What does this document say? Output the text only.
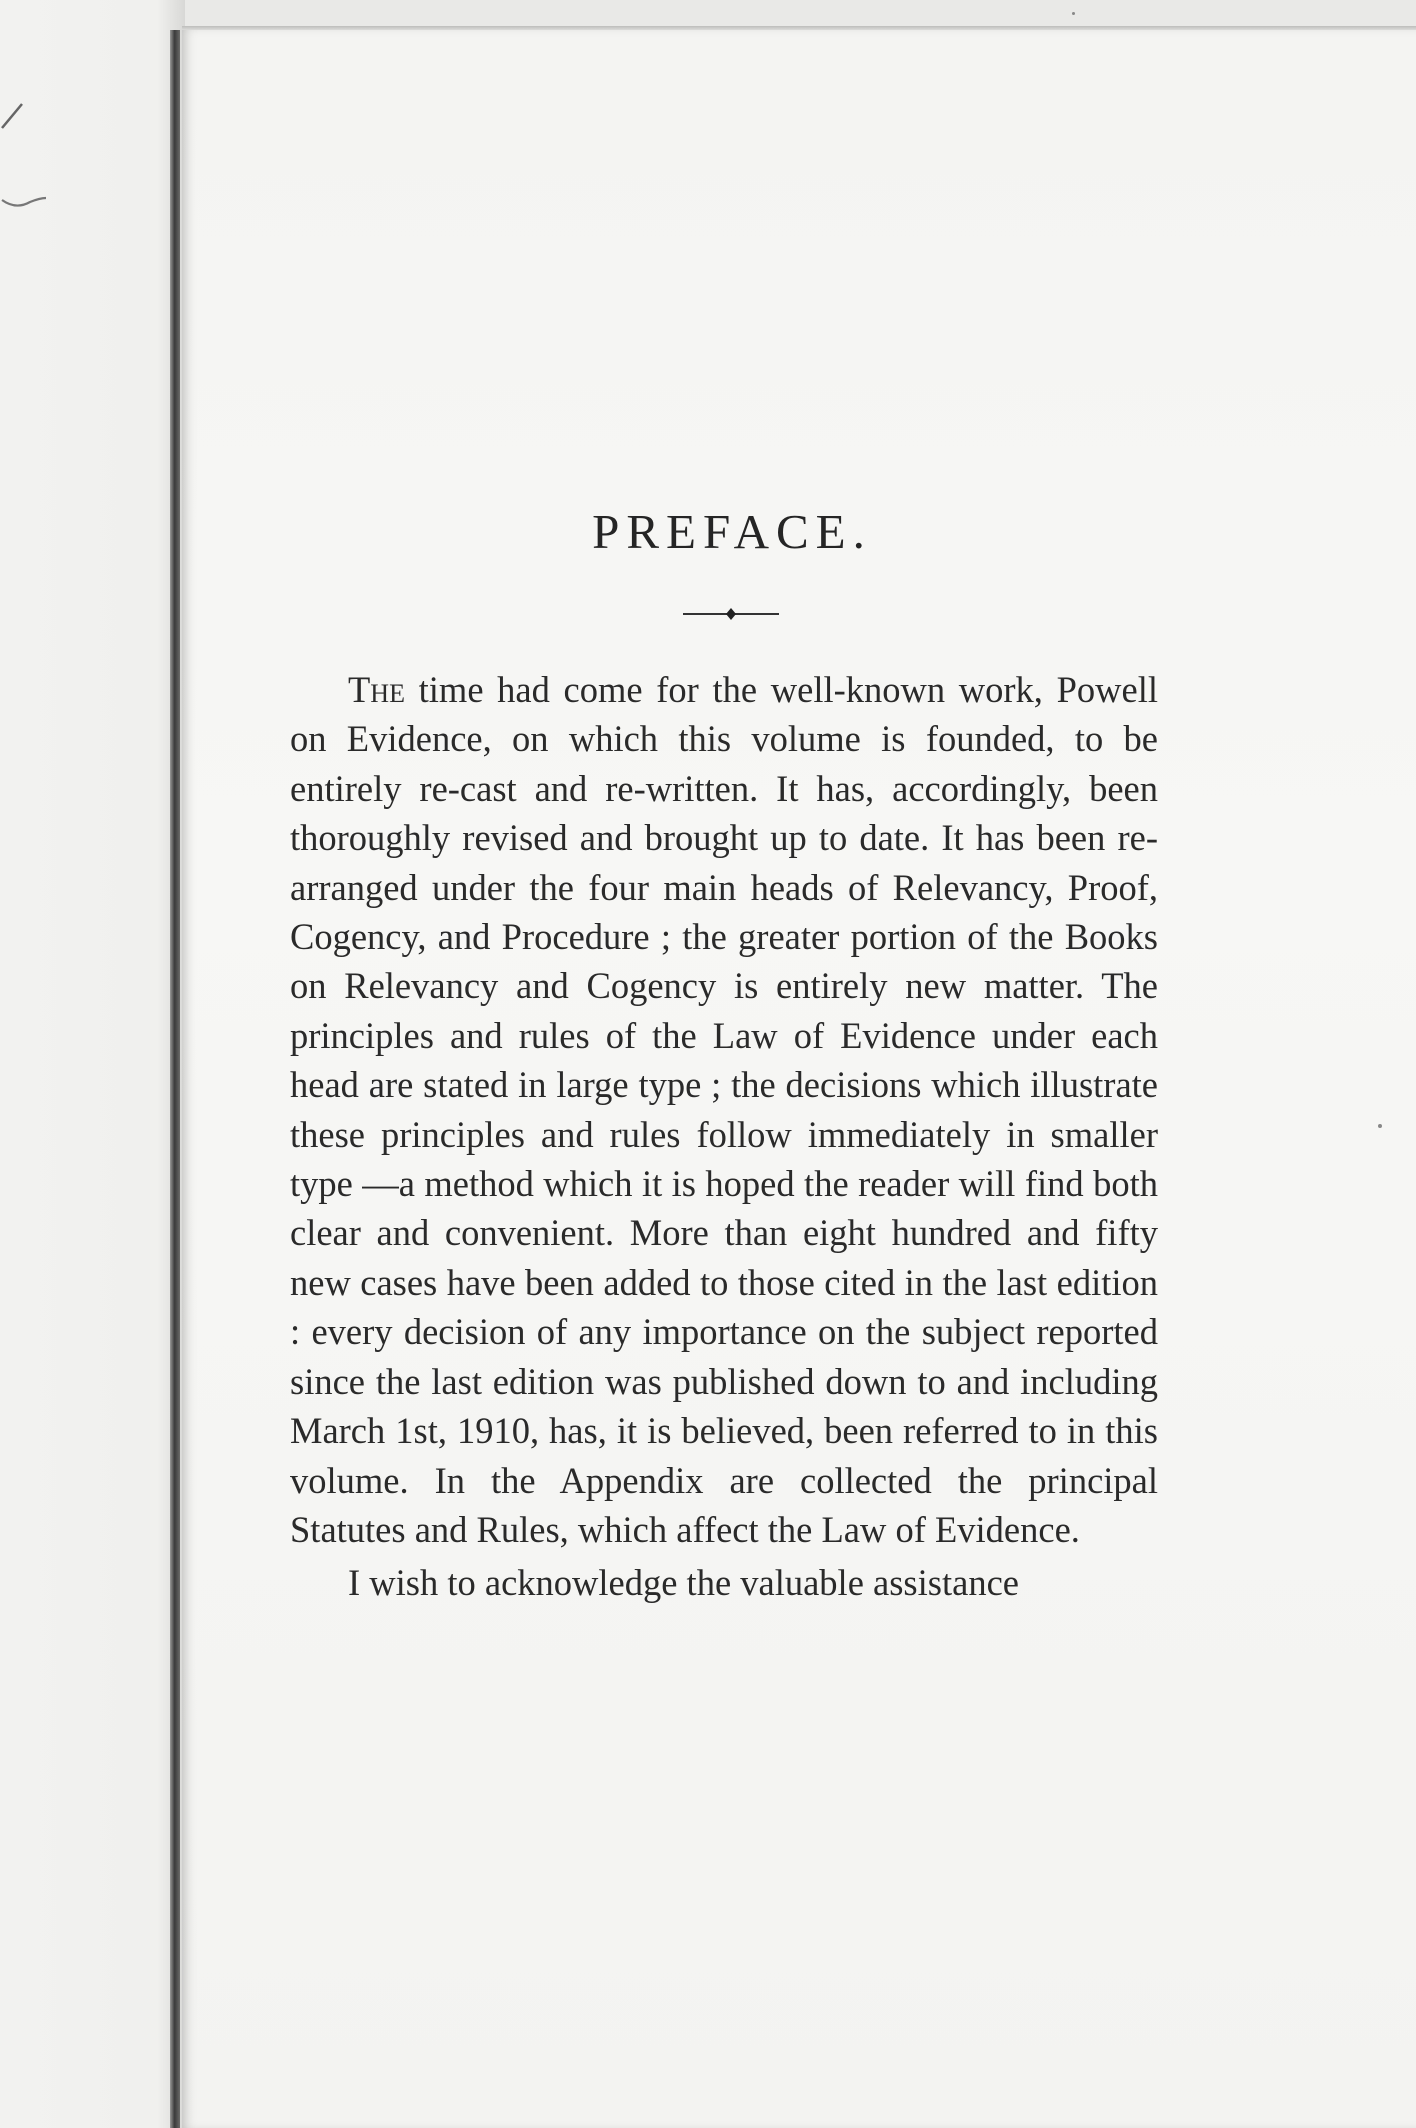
PREFACE.

The time had come for the well-known work, Powell on Evidence, on which this volume is founded, to be entirely re-cast and re-written. It has, accordingly, been thoroughly revised and brought up to date. It has been re-arranged under the four main heads of Relevancy, Proof, Cogency, and Procedure ; the greater portion of the Books on Relevancy and Cogency is entirely new matter. The principles and rules of the Law of Evidence under each head are stated in large type ; the decisions which illustrate these principles and rules follow immediately in smaller type —a method which it is hoped the reader will find both clear and convenient. More than eight hundred and fifty new cases have been added to those cited in the last edition : every decision of any importance on the subject reported since the last edition was published down to and including March 1st, 1910, has, it is believed, been referred to in this volume. In the Appendix are collected the principal Statutes and Rules, which affect the Law of Evidence.

I wish to acknowledge the valuable assistance
